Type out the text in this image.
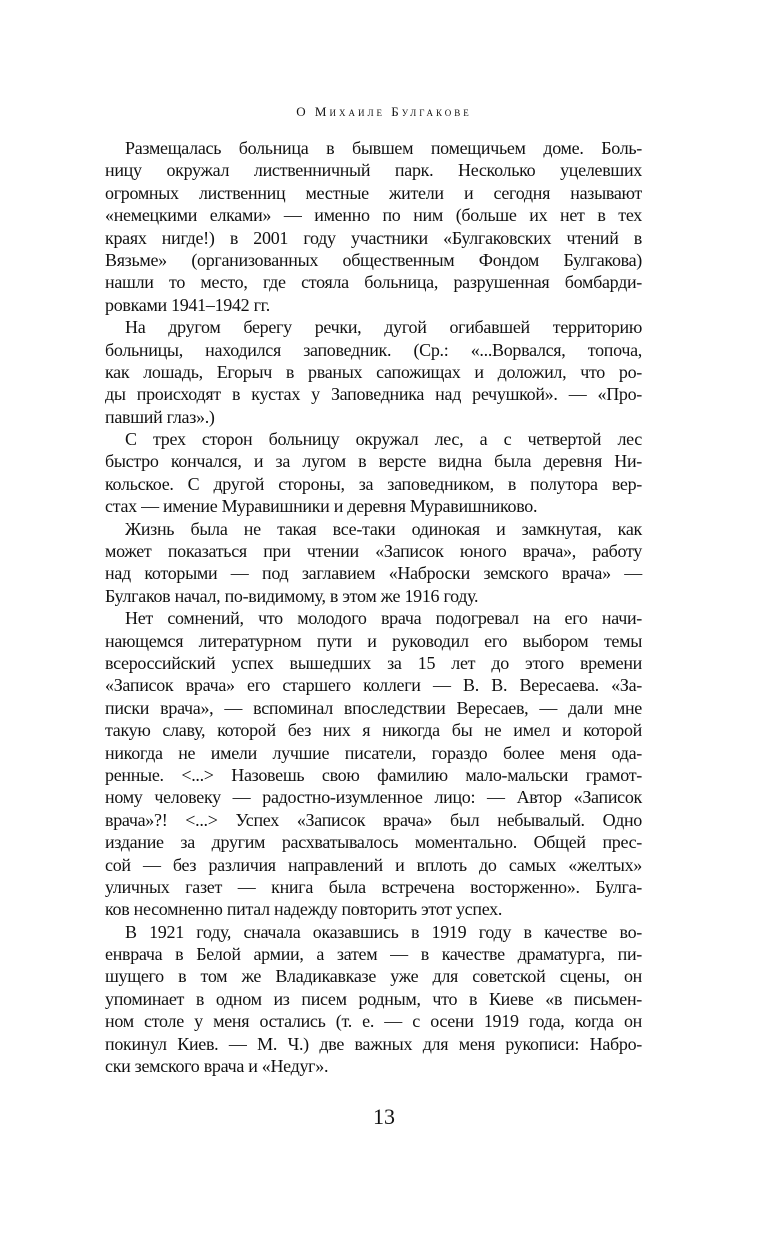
О Михаиле Булгакове
Размещалась больница в бывшем помещичьем доме. Боль-
ницу окружал лиственничный парк. Несколько уцелевших
огромных лиственниц местные жители и сегодня называют
«немецкими елками» — именно по ним (больше их нет в тех
краях нигде!) в 2001 году участники «Булгаковских чтений в
Вязьме» (организованных общественным Фондом Булгакова)
нашли то место, где стояла больница, разрушенная бомбарди-
ровками 1941–1942 гг.
На другом берегу речки, дугой огибавшей территорию
больницы, находился заповедник. (Ср.: «...Ворвался, топоча,
как лошадь, Егорыч в рваных сапожищах и доложил, что ро-
ды происходят в кустах у Заповедника над речушкой». — «Про-
павший глаз».)
С трех сторон больницу окружал лес, а с четвертой лес
быстро кончался, и за лугом в версте видна была деревня Ни-
кольское. С другой стороны, за заповедником, в полутора вер-
стах — имение Муравишники и деревня Муравишниково.
Жизнь была не такая все-таки одинокая и замкнутая, как
может показаться при чтении «Записок юного врача», работу
над которыми — под заглавием «Наброски земского врача» —
Булгаков начал, по-видимому, в этом же 1916 году.
Нет сомнений, что молодого врача подогревал на его начи-
нающемся литературном пути и руководил его выбором темы
всероссийский успех вышедших за 15 лет до этого времени
«Записок врача» его старшего коллеги — В. В. Вересаева. «За-
писки врача», — вспоминал впоследствии Вересаев, — дали мне
такую славу, которой без них я никогда бы не имел и которой
никогда не имели лучшие писатели, гораздо более меня ода-
ренные. <...> Назовешь свою фамилию мало-мальски грамот-
ному человеку — радостно-изумленное лицо: — Автор «Записок
врача»?! <...> Успех «Записок врача» был небывалый. Одно
издание за другим расхватывалось моментально. Общей прес-
сой — без различия направлений и вплоть до самых «желтых»
уличных газет — книга была встречена восторженно». Булга-
ков несомненно питал надежду повторить этот успех.
В 1921 году, сначала оказавшись в 1919 году в качестве во-
енврача в Белой армии, а затем — в качестве драматурга, пи-
шущего в том же Владикавказе уже для советской сцены, он
упоминает в одном из писем родным, что в Киеве «в письмен-
ном столе у меня остались (т. е. — с осени 1919 года, когда он
покинул Киев. — М. Ч.) две важных для меня рукописи: Набро-
ски земского врача и «Недуг».
13
